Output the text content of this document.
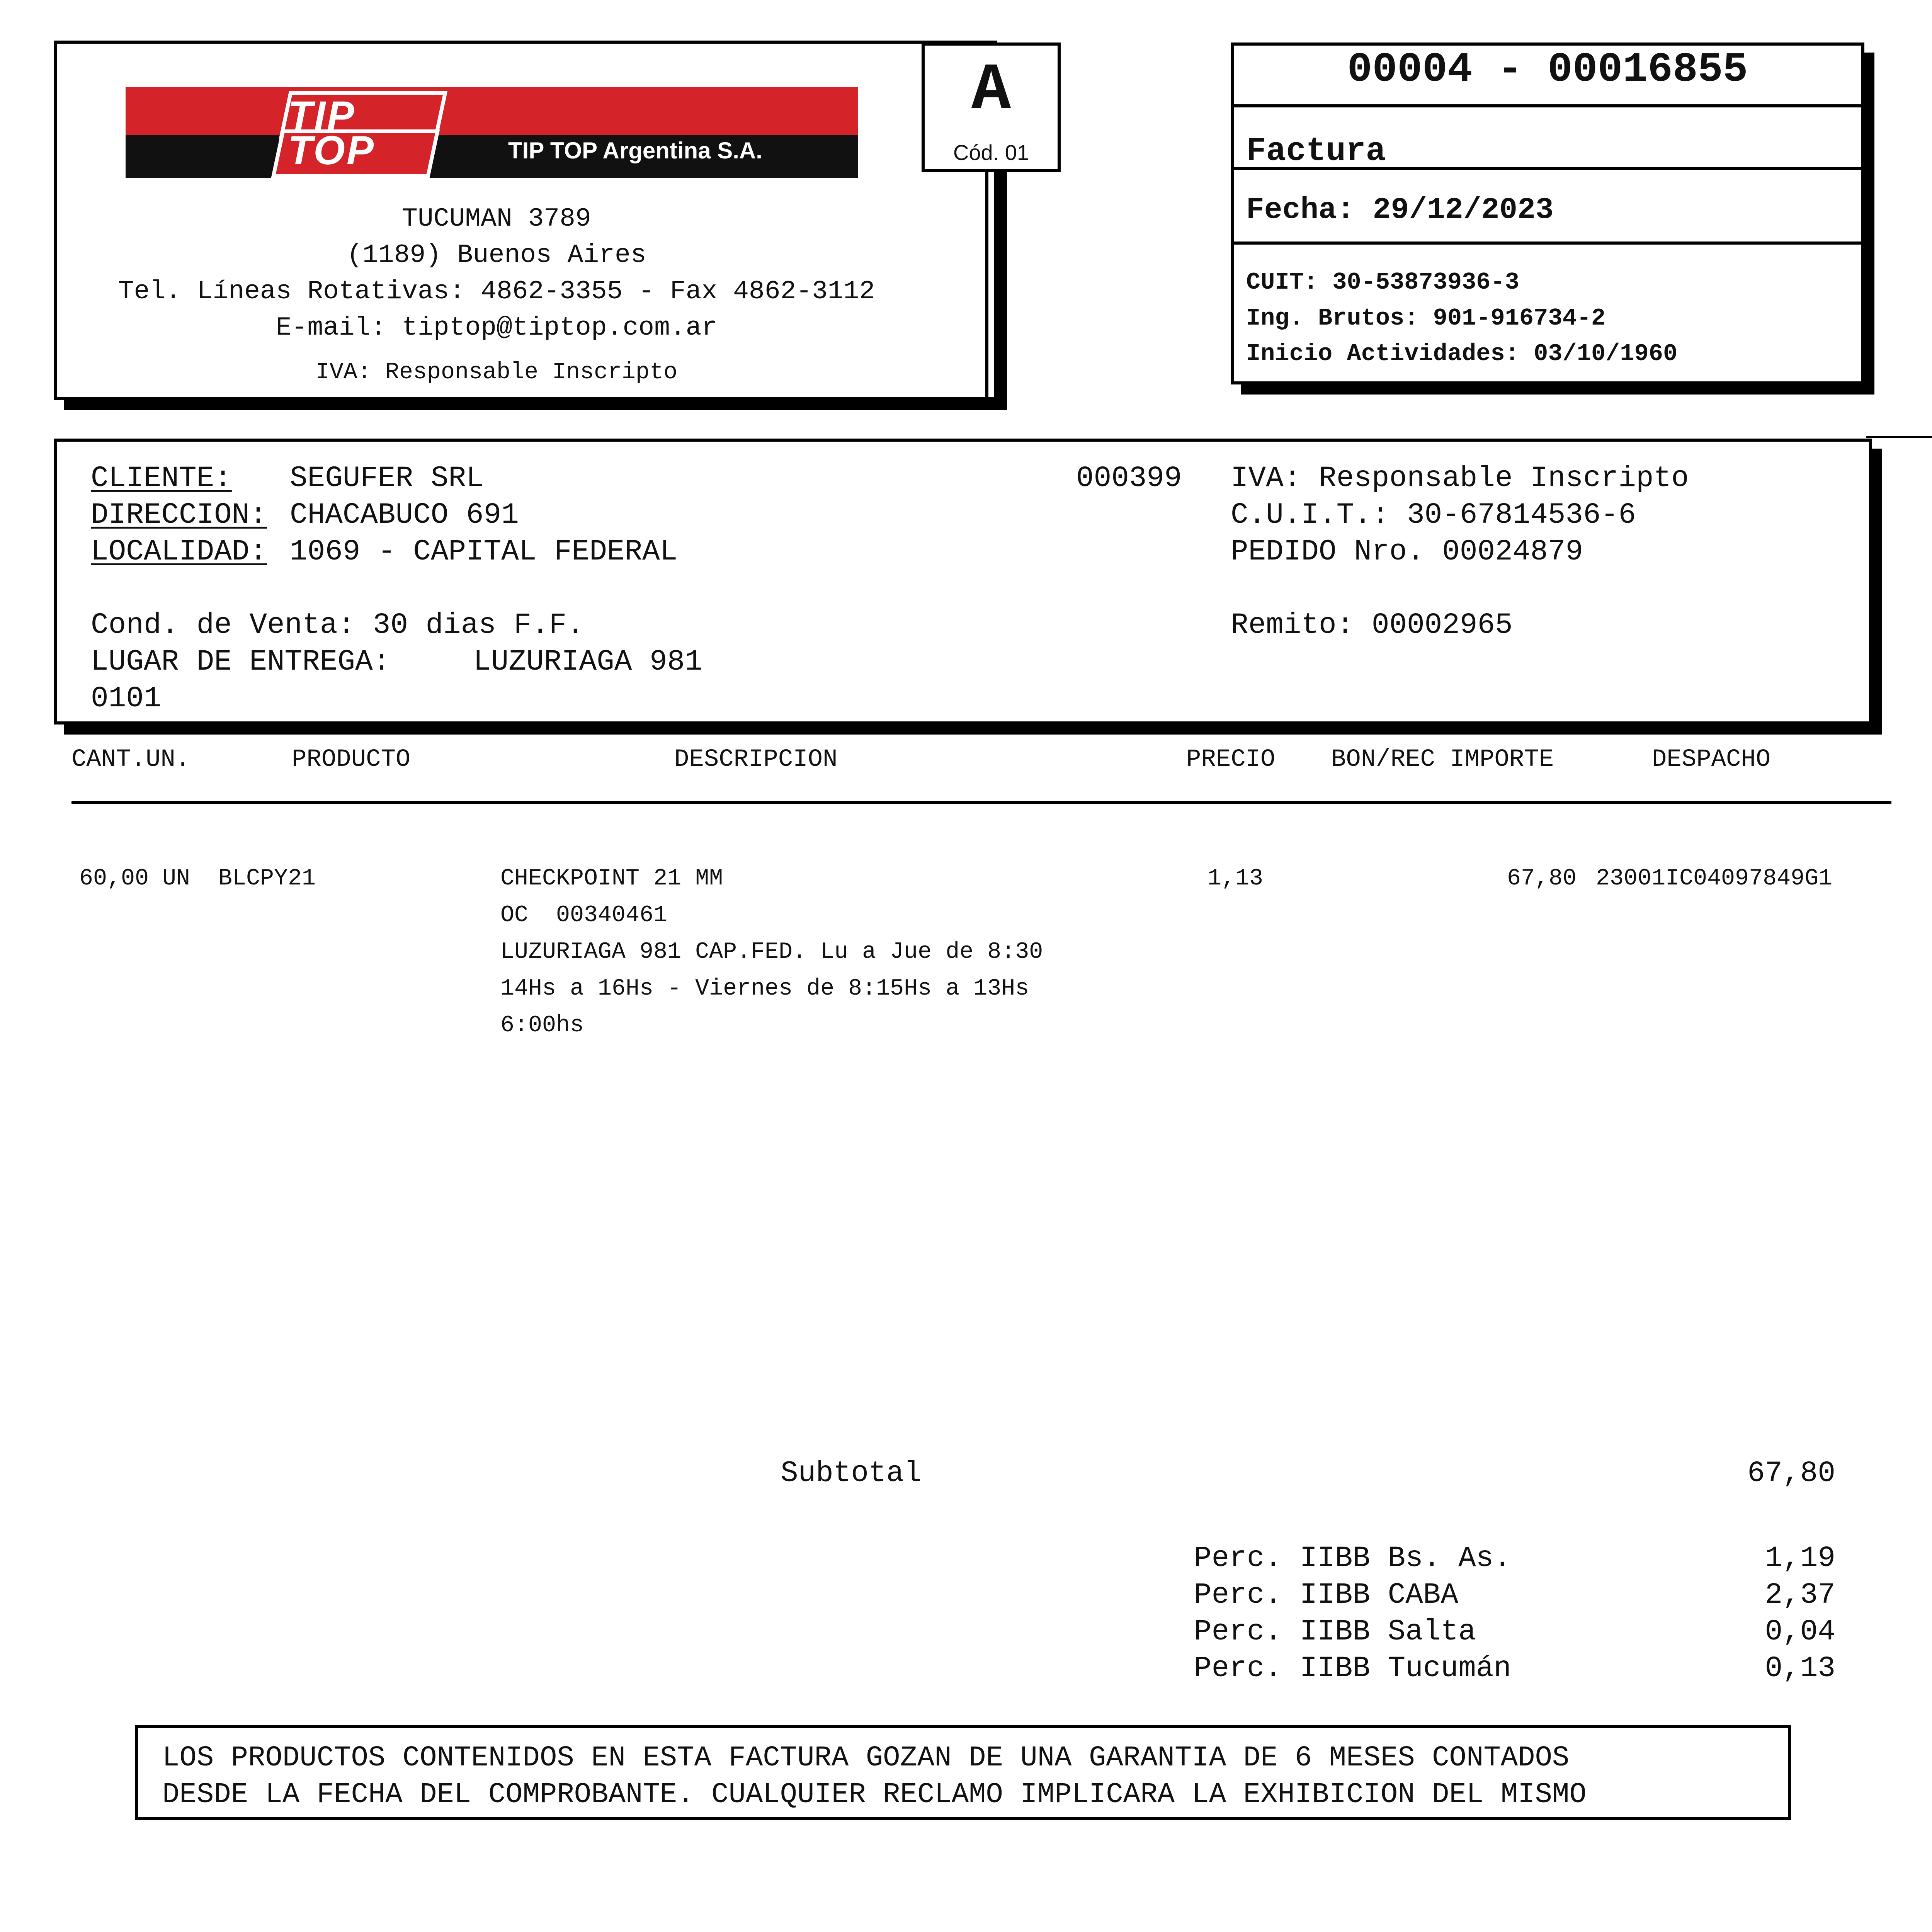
TIP TOP	TIP TOP Argentina S.A.
TUCUMAN 3789
(1189) Buenos Aires
Tel. Líneas Rotativas: 4862-3355 - Fax 4862-3112
E-mail: tiptop@tiptop.com.ar
IVA: Responsable Inscripto
A
Cód. 01
00004 - 00016855
Factura
Fecha: 29/12/2023
CUIT: 30-53873936-3
Ing. Brutos: 901-916734-2
Inicio Actividades: 03/10/1960
CLIENTE: SEGUFER SRL
DIRECCION: CHACABUCO 691
LOCALIDAD: 1069 - CAPITAL FEDERAL
000399 IVA: Responsable Inscripto
C.U.I.T.: 30-67814536-6
PEDIDO Nro. 00024879
Cond. de Venta: 30 dias F.F.
LUGAR DE ENTREGA:	LUZURIAGA 981
0101
Remito: 00002965
CANT.UN.	PRODUCTO	DESCRIPCION	PRECIO BON/REC IMPORTE	DESPACHO
60,00 UN BLCPY21	CHECKPOINT 21 MM
OC  00340461
LUZURIAGA 981 CAP.FED. Lu a Jue de 8:30
14Hs a 16Hs - Viernes de 8:15Hs a 13Hs
6:00hs
1,13	67,80 23001IC04097849G1
Subtotal	67,80
Perc. IIBB Bs. As.	1,19
Perc. IIBB CABA	2,37
Perc. IIBB Salta	0,04
Perc. IIBB Tucumán	0,13
LOS PRODUCTOS CONTENIDOS EN ESTA FACTURA GOZAN DE UNA GARANTIA DE 6 MESES CONTADOS
DESDE LA FECHA DEL COMPROBANTE. CUALQUIER RECLAMO IMPLICARA LA EXHIBICION DEL MISMO
